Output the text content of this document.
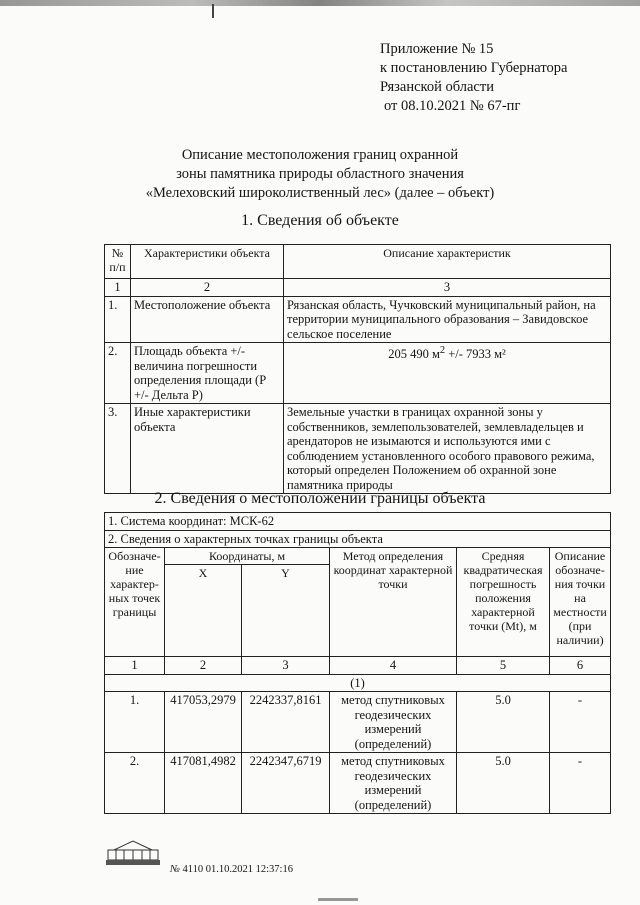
Приложение № 15
к постановлению Губернатора
Рязанской области
от 08.10.2021 № 67-пг
Описание местоположения границ охранной
зоны памятника природы областного значения
«Мелеховский широколиственный лес» (далее – объект)
1. Сведения об объекте
№ п/п	Характеристики объекта	Описание характеристик
1	2	3
1.	Местоположение объекта	Рязанская область, Чучковский муниципальный район, на территории муниципального образования – Завидовское сельское поселение
2.	Площадь объекта +/- величина погрешности определения площади (Р +/- Дельта Р)	205 490 $м^2$ +/- 7933 м²
3.	Иные характеристики объекта	Земельные участки в границах охранной зоны у собственников, землепользователей, землевладельцев и арендаторов не изымаются и используются ими с соблюдением установленного особого правового режима, который определен Положением об охранной зоне памятника природы
2. Сведения о местоположении границы объекта
1. Система координат: МСК-62					
2. Сведения о характерных точках границы объекта					
Обозначе-ние характер-ных точек границы	Координаты, м		Метод определения координат характерной точки	Средняя квадратическая погрешность положения характерной точки (Mt), м	Описание обозначе-ния точки на местности (при наличии)
	X	Y			
1	2	3	4	5	6
(1)					
1.	417053,2979	2242337,8161	метод спутниковых геодезических измерений (определений)	5.0	-
2.	417081,4982	2242347,6719	метод спутниковых геодезических измерений (определений)	5.0	-
№ 4110 01.10.2021 12:37:16
